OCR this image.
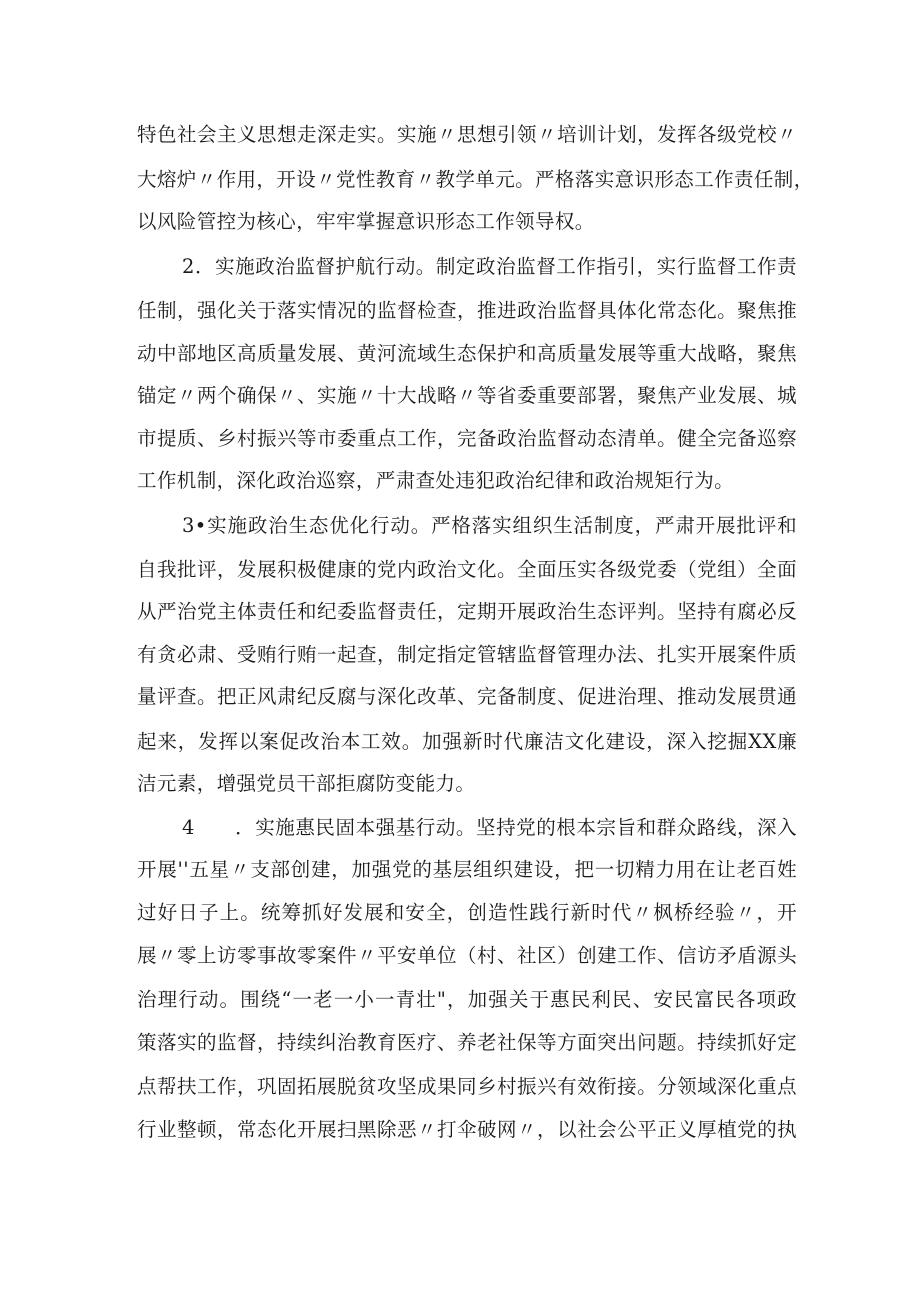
特色社会主义思想走深走实。实施〃思想引领〃培训计划，发挥各级党校〃
大熔炉〃作用，开设〃党性教育〃教学单元。严格落实意识形态工作责任制，
以风险管控为核心，牢牢掌握意识形态工作领导权。
2．实施政治监督护航行动。制定政治监督工作指引，实行监督工作责
任制，强化关于落实情况的监督检查，推进政治监督具体化常态化。聚焦推
动中部地区高质量发展、黄河流域生态保护和高质量发展等重大战略，聚焦
锚定〃两个确保〃、实施〃十大战略〃等省委重要部署，聚焦产业发展、城
市提质、乡村振兴等市委重点工作，完备政治监督动态清单。健全完备巡察
工作机制，深化政治巡察，严肃查处违犯政治纪律和政治规矩行为。
3•实施政治生态优化行动。严格落实组织生活制度，严肃开展批评和
自我批评，发展积极健康的党内政治文化。全面压实各级党委（党组）全面
从严治党主体责任和纪委监督责任，定期开展政治生态评判。坚持有腐必反
有贪必肃、受贿行贿一起查，制定指定管辖监督管理办法、扎实开展案件质
量评查。把正风肃纪反腐与深化改革、完备制度、促进治理、推动发展贯通
起来，发挥以案促改治本工效。加强新时代廉洁文化建设，深入挖掘XX廉
洁元素，增强党员干部拒腐防变能力。
4　　．实施惠民固本强基行动。坚持党的根本宗旨和群众路线，深入
开展''五星〃支部创建，加强党的基层组织建设，把一切精力用在让老百姓
过好日子上。统筹抓好发展和安全，创造性践行新时代〃枫桥经验〃，开
展〃零上访零事故零案件〃平安单位（村、社区）创建工作、信访矛盾源头
治理行动。围绕“一老一小一青壮"，加强关于惠民利民、安民富民各项政
策落实的监督，持续纠治教育医疗、养老社保等方面突出问题。持续抓好定
点帮扶工作，巩固拓展脱贫攻坚成果同乡村振兴有效衔接。分领域深化重点
行业整顿，常态化开展扫黑除恶〃打伞破网〃，以社会公平正义厚植党的执
